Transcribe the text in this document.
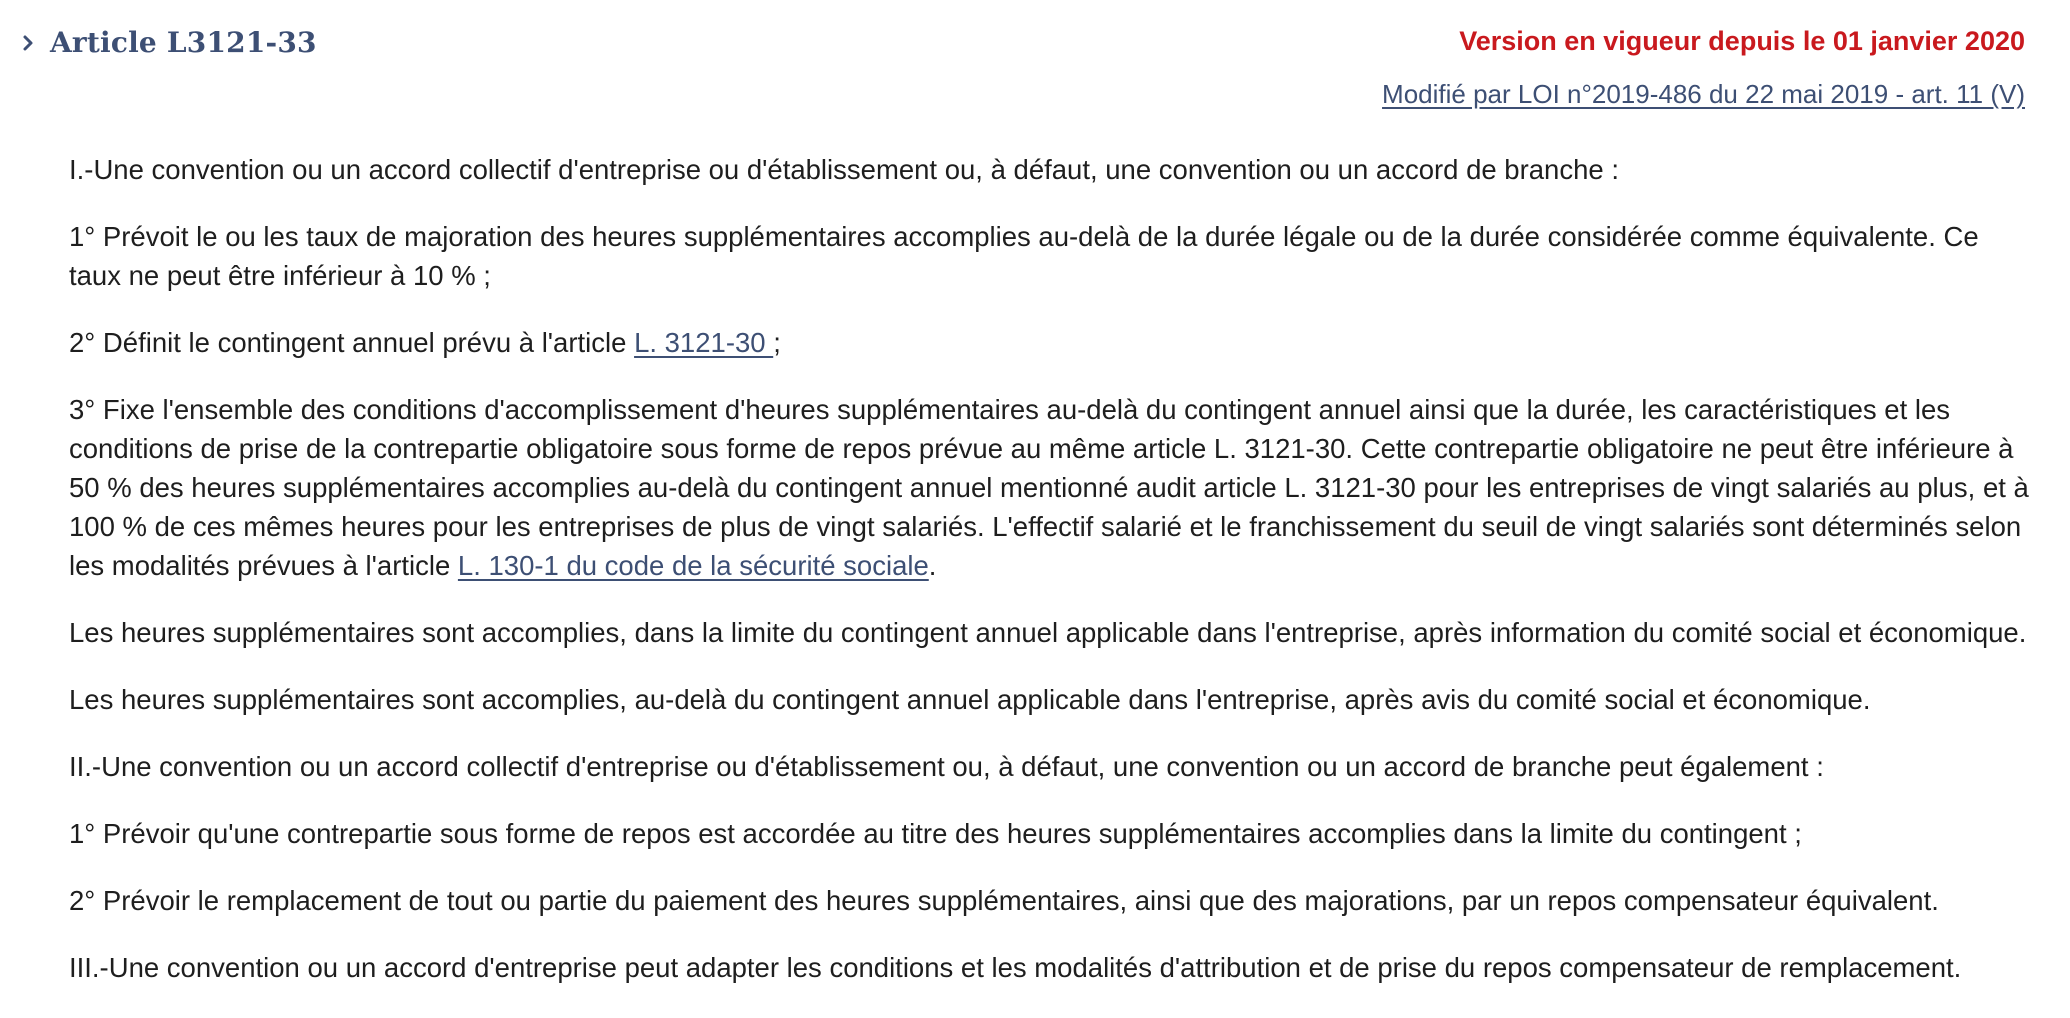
Article L3121-33	Version en vigueur depuis le 01 janvier 2020
Modifié par LOI n°2019-486 du 22 mai 2019 - art. 11 (V)

I.-Une convention ou un accord collectif d'entreprise ou d'établissement ou, à défaut, une convention ou un accord de branche :

1° Prévoit le ou les taux de majoration des heures supplémentaires accomplies au-delà de la durée légale ou de la durée considérée comme équivalente. Ce taux ne peut être inférieur à 10 % ;

2° Définit le contingent annuel prévu à l'article L. 3121-30 ;

3° Fixe l'ensemble des conditions d'accomplissement d'heures supplémentaires au-delà du contingent annuel ainsi que la durée, les caractéristiques et les conditions de prise de la contrepartie obligatoire sous forme de repos prévue au même article L. 3121-30. Cette contrepartie obligatoire ne peut être inférieure à 50 % des heures supplémentaires accomplies au-delà du contingent annuel mentionné audit article L. 3121-30 pour les entreprises de vingt salariés au plus, et à 100 % de ces mêmes heures pour les entreprises de plus de vingt salariés. L'effectif salarié et le franchissement du seuil de vingt salariés sont déterminés selon les modalités prévues à l'article L. 130-1 du code de la sécurité sociale.

Les heures supplémentaires sont accomplies, dans la limite du contingent annuel applicable dans l'entreprise, après information du comité social et économique.

Les heures supplémentaires sont accomplies, au-delà du contingent annuel applicable dans l'entreprise, après avis du comité social et économique.

II.-Une convention ou un accord collectif d'entreprise ou d'établissement ou, à défaut, une convention ou un accord de branche peut également :

1° Prévoir qu'une contrepartie sous forme de repos est accordée au titre des heures supplémentaires accomplies dans la limite du contingent ;

2° Prévoir le remplacement de tout ou partie du paiement des heures supplémentaires, ainsi que des majorations, par un repos compensateur équivalent.

III.-Une convention ou un accord d'entreprise peut adapter les conditions et les modalités d'attribution et de prise du repos compensateur de remplacement.
